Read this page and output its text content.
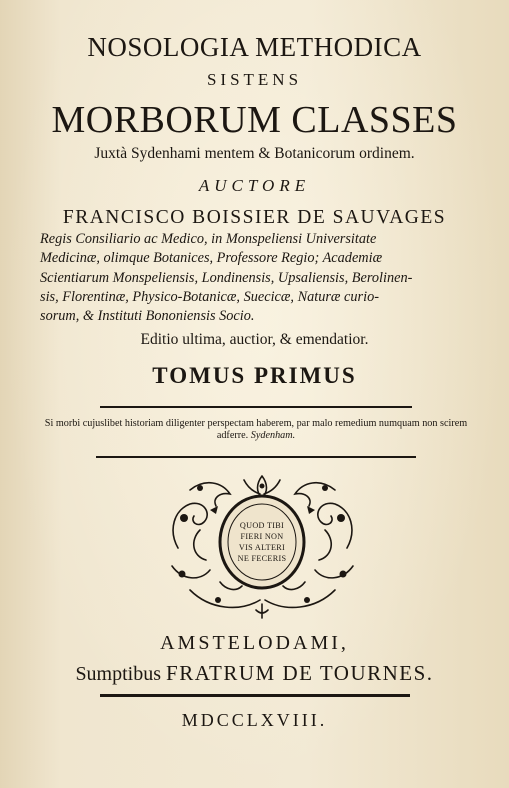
NOSOLOGIA METHODICA
SISTENS
MORBORUM CLASSES
Juxtà Sydenhami mentem & Botanicorum ordinem.
AUCTORE
FRANCISCO BOISSIER DE SAUVAGES
Regis Consiliario ac Medico, in Monspeliensi Universitate
Medicinæ, olimque Botanices, Professore Regio; Academiæ
Scientiarum Monspeliensis, Londinensis, Upsaliensis, Berolinen-
sis, Florentinæ, Physico-Botanicæ, Suecicæ, Naturæ curio-
sorum, & Instituti Bononiensis Socio.
Editio ultima, auctior, & emendatior.
TOMUS PRIMUS
Si morbi cujuslibet historiam diligenter perspectam haberem, par malo remedium numquam non scirem adferre. Sydenham.
QUOD TIBI
FIERI NON
VIS ALTERI
NE FECERIS
AMSTELODAMI,
Sumptibus FRATRUM DE TOURNES.
MDCCLXVIII.
